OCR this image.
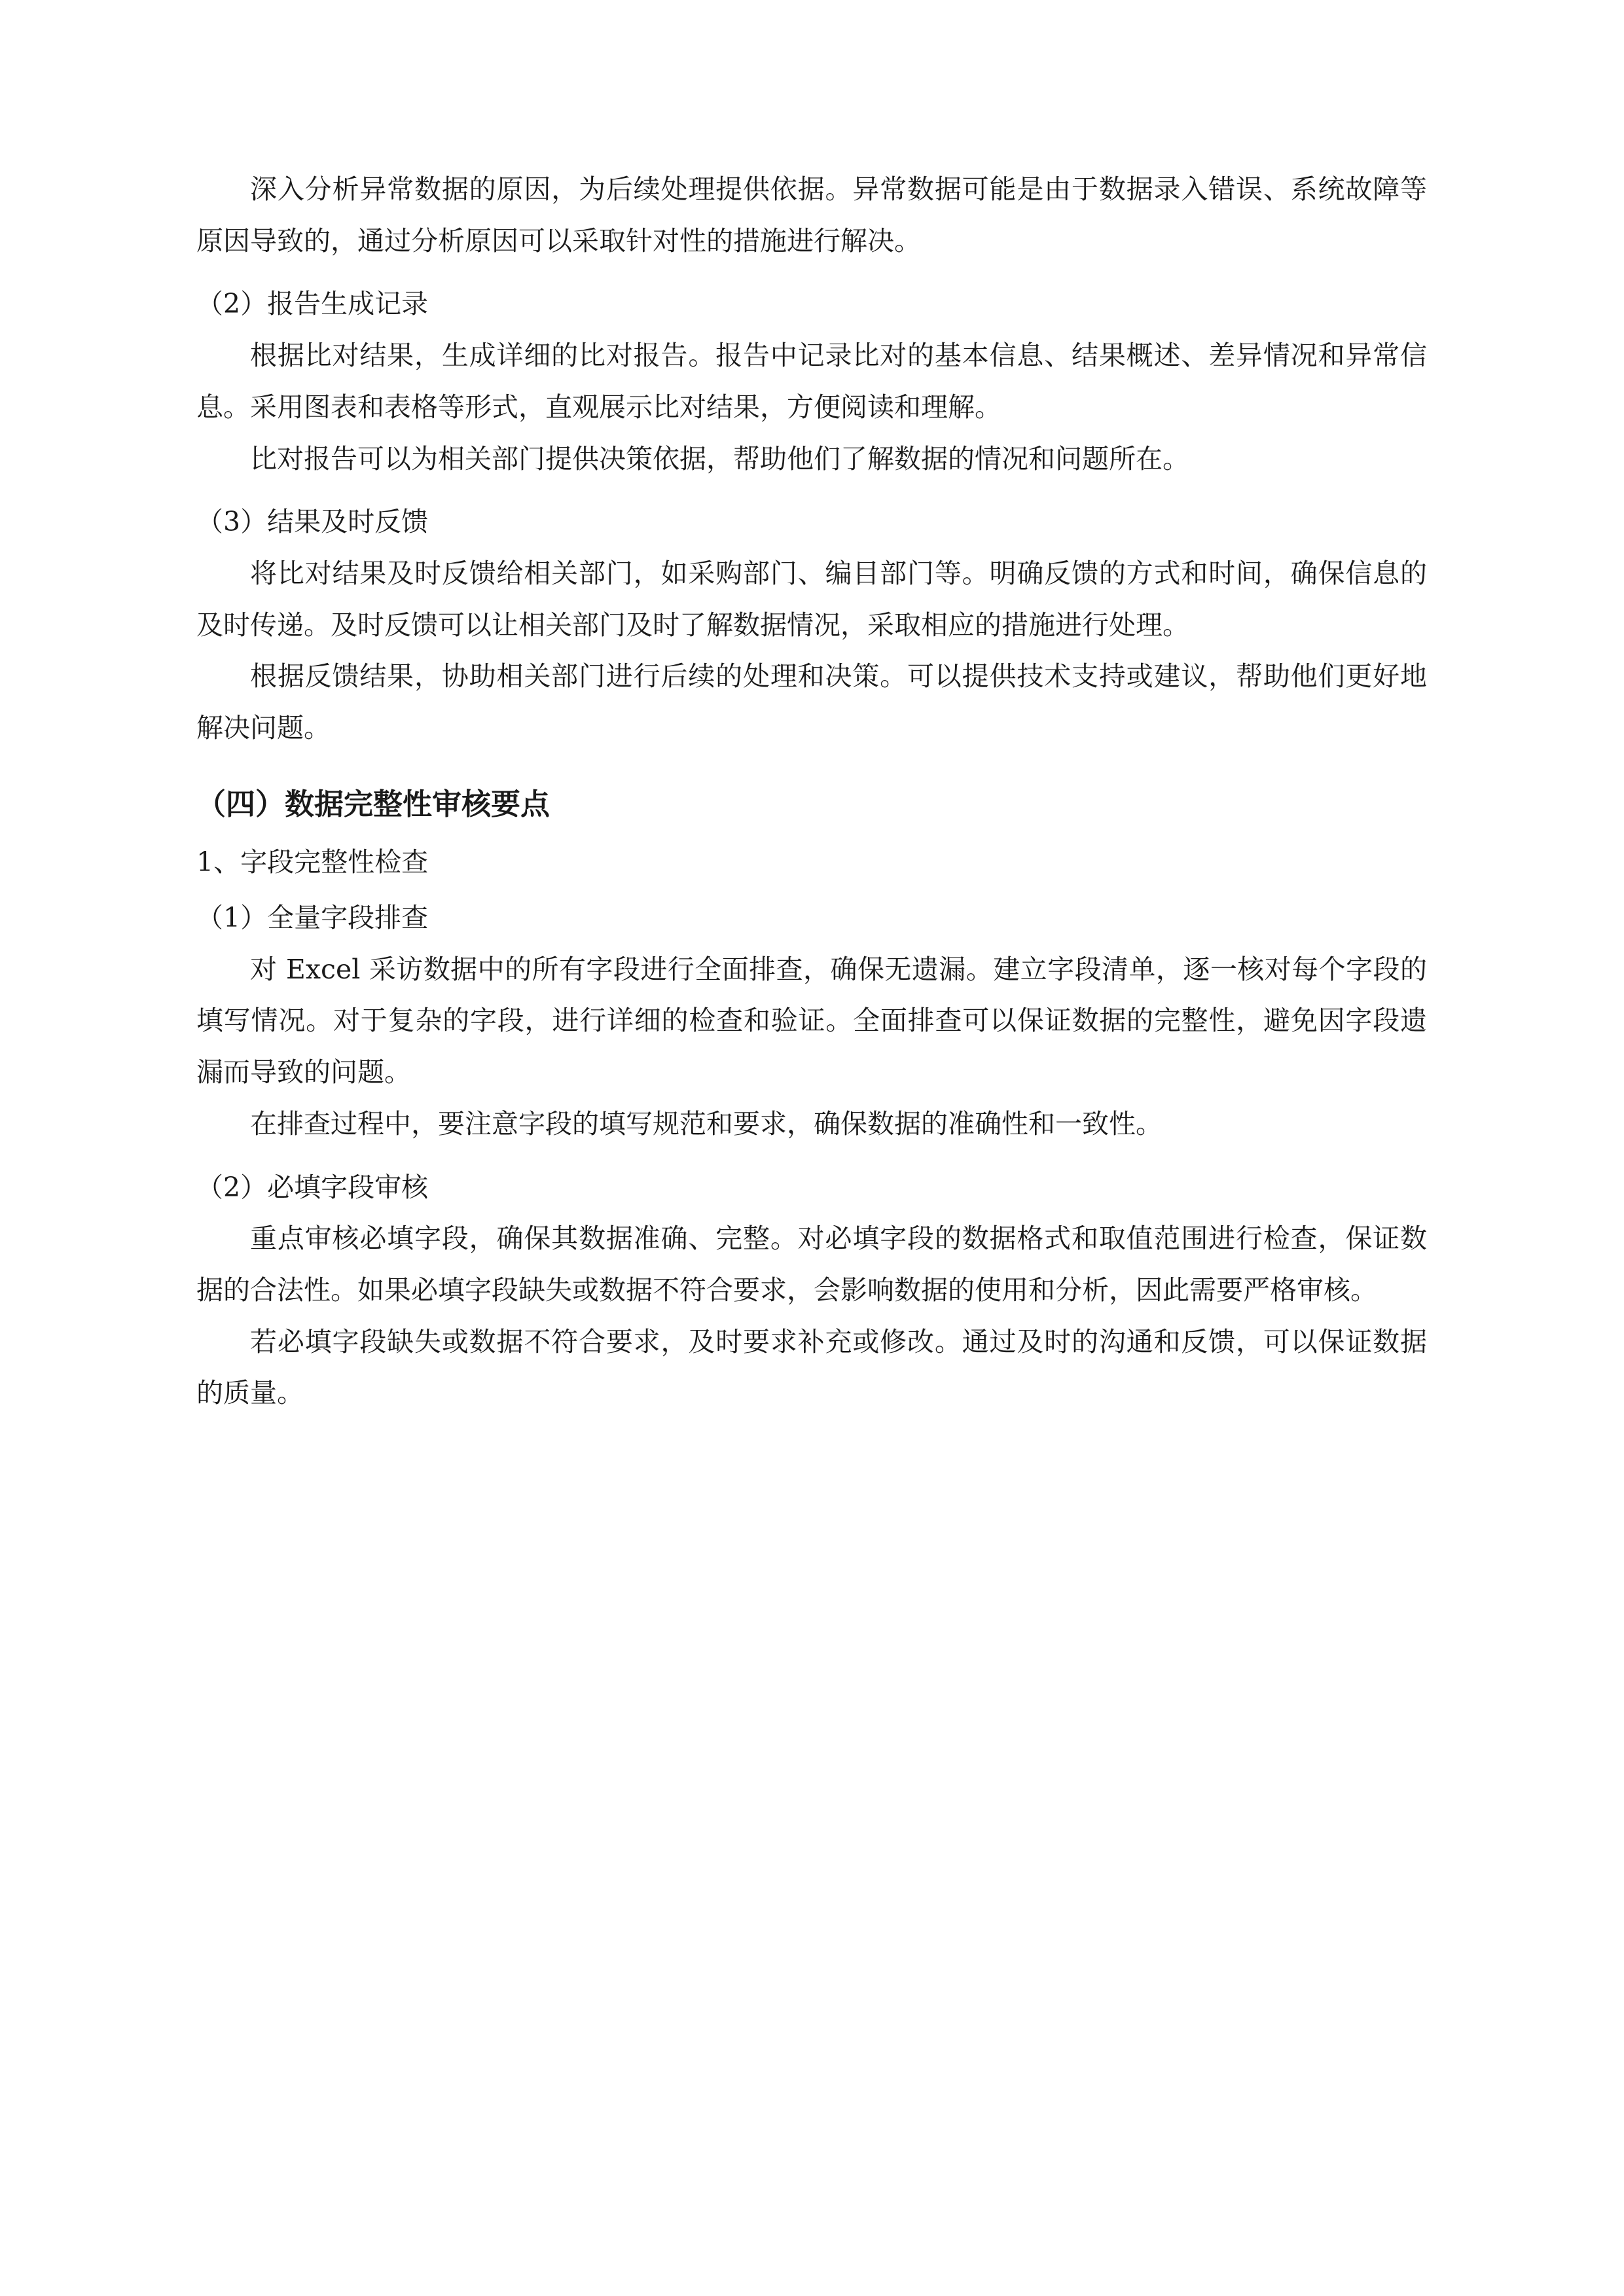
深入分析异常数据的原因，为后续处理提供依据。异常数据可能是由于数据录入错误、系统故障等原因导致的，通过分析原因可以采取针对性的措施进行解决。

（2）报告生成记录

根据比对结果，生成详细的比对报告。报告中记录比对的基本信息、结果概述、差异情况和异常信息。采用图表和表格等形式，直观展示比对结果，方便阅读和理解。

比对报告可以为相关部门提供决策依据，帮助他们了解数据的情况和问题所在。

（3）结果及时反馈

将比对结果及时反馈给相关部门，如采购部门、编目部门等。明确反馈的方式和时间，确保信息的及时传递。及时反馈可以让相关部门及时了解数据情况，采取相应的措施进行处理。

根据反馈结果，协助相关部门进行后续的处理和决策。可以提供技术支持或建议，帮助他们更好地解决问题。

（四）数据完整性审核要点

1、字段完整性检查

（1）全量字段排查

对 Excel 采访数据中的所有字段进行全面排查，确保无遗漏。建立字段清单，逐一核对每个字段的填写情况。对于复杂的字段，进行详细的检查和验证。全面排查可以保证数据的完整性，避免因字段遗漏而导致的问题。

在排查过程中，要注意字段的填写规范和要求，确保数据的准确性和一致性。

（2）必填字段审核

重点审核必填字段，确保其数据准确、完整。对必填字段的数据格式和取值范围进行检查，保证数据的合法性。如果必填字段缺失或数据不符合要求，会影响数据的使用和分析，因此需要严格审核。

若必填字段缺失或数据不符合要求，及时要求补充或修改。通过及时的沟通和反馈，可以保证数据的质量。
